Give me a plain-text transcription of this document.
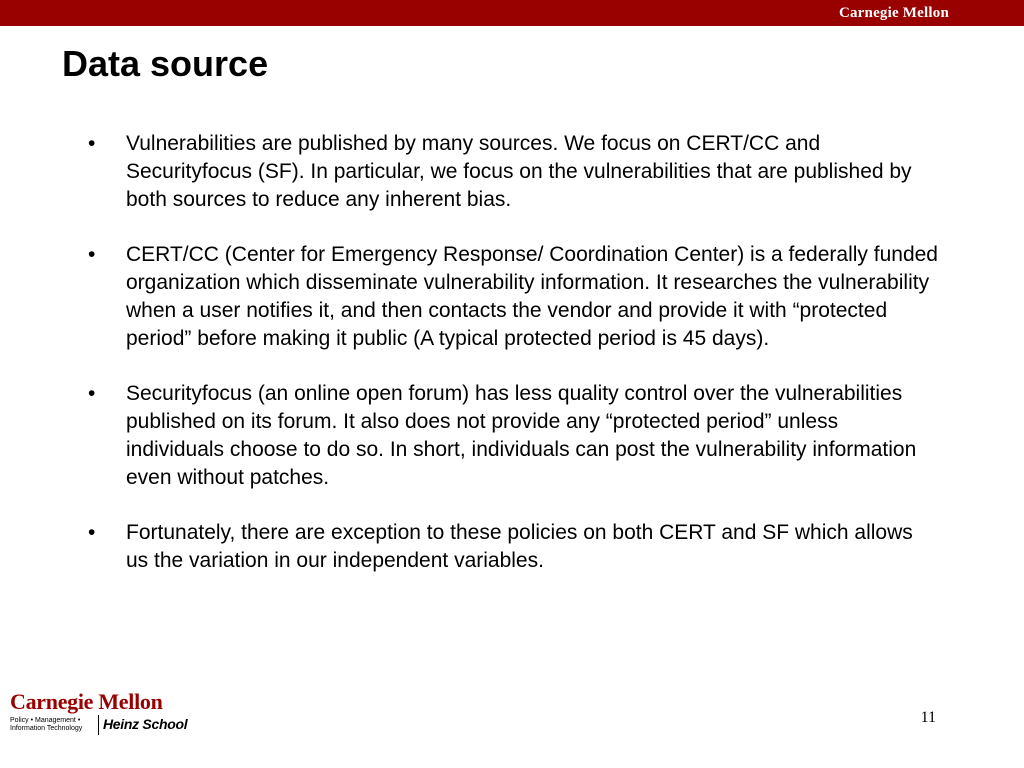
Carnegie Mellon
Data source
• Vulnerabilities are published by many sources. We focus on CERT/CC and Securityfocus (SF). In particular, we focus on the vulnerabilities that are published by both sources to reduce any inherent bias.
• CERT/CC (Center for Emergency Response/ Coordination Center) is a federally funded organization which disseminate vulnerability information. It researches the vulnerability when a user notifies it, and then contacts the vendor and provide it with “protected period” before making it public (A typical protected period is 45 days).
• Securityfocus (an online open forum) has less quality control over the vulnerabilities published on its forum. It also does not provide any “protected period” unless individuals choose to do so. In short, individuals can post the vulnerability information even without patches.
• Fortunately, there are exception to these policies on both CERT and SF which allows us the variation in our independent variables.
Carnegie Mellon
Policy • Management •
Information Technology	Heinz School	11
